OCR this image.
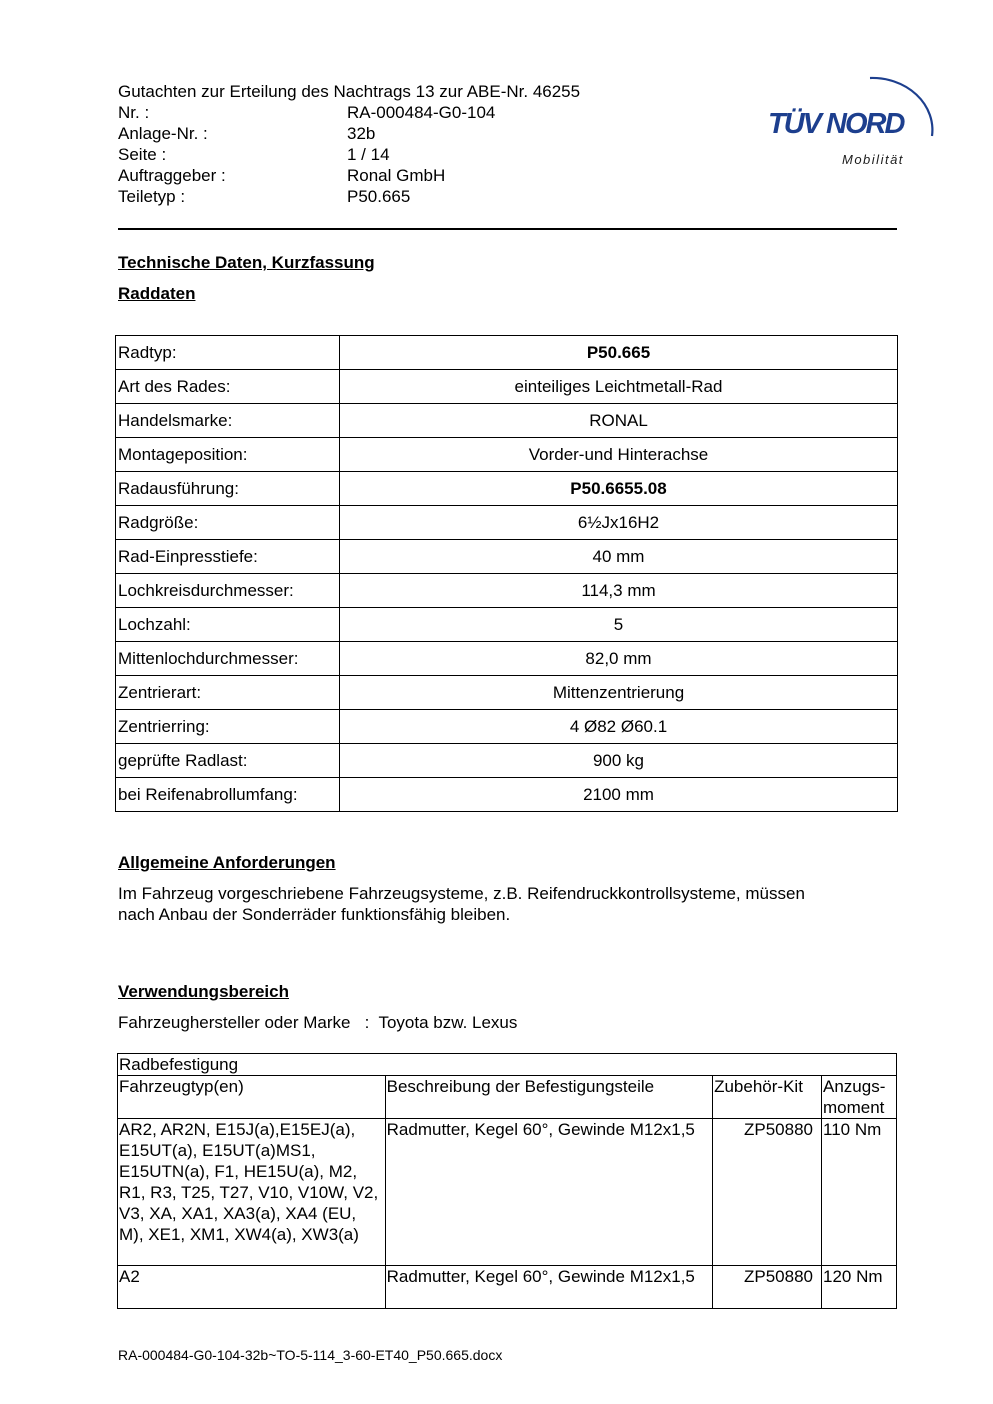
Gutachten zur Erteilung des Nachtrags 13 zur ABE-Nr. 46255
Nr. :	RA-000484-G0-104
Anlage-Nr. :	32b
Seite :	1 / 14
Auftraggeber :	Ronal GmbH
Teiletyp :	P50.665
TÜV NORD
Mobilität
Technische Daten, Kurzfassung
Raddaten
Radtyp:	P50.665
Art des Rades:	einteiliges Leichtmetall-Rad
Handelsmarke:	RONAL
Montageposition:	Vorder-und Hinterachse
Radausführung:	P50.6655.08
Radgröße:	6½Jx16H2
Rad-Einpresstiefe:	40 mm
Lochkreisdurchmesser:	114,3 mm
Lochzahl:	5
Mittenlochdurchmesser:	82,0 mm
Zentrierart:	Mittenzentrierung
Zentrierring:	4 Ø82 Ø60.1
geprüfte Radlast:	900 kg
bei Reifenabrollumfang:	2100 mm
Allgemeine Anforderungen
Im Fahrzeug vorgeschriebene Fahrzeugsysteme, z.B. Reifendruckkontrollsysteme, müssen
nach Anbau der Sonderräder funktionsfähig bleiben.
Verwendungsbereich
Fahrzeughersteller oder Marke   :  Toyota bzw. Lexus
Radbefestigung			
Fahrzeugtyp(en)	Beschreibung der Befestigungsteile	Zubehör-Kit	Anzugs-moment
AR2, AR2N, E15J(a),E15EJ(a), E15UT(a), E15UT(a)MS1, E15UTN(a), F1, HE15U(a), M2, R1, R3, T25, T27, V10, V10W, V2, V3, XA, XA1, XA3(a), XA4 (EU, M), XE1, XM1, XW4(a), XW3(a)	Radmutter, Kegel 60°, Gewinde M12x1,5	ZP50880	110 Nm
A2	Radmutter, Kegel 60°, Gewinde M12x1,5	ZP50880	120 Nm
RA-000484-G0-104-32b~TO-5-114_3-60-ET40_P50.665.docx
